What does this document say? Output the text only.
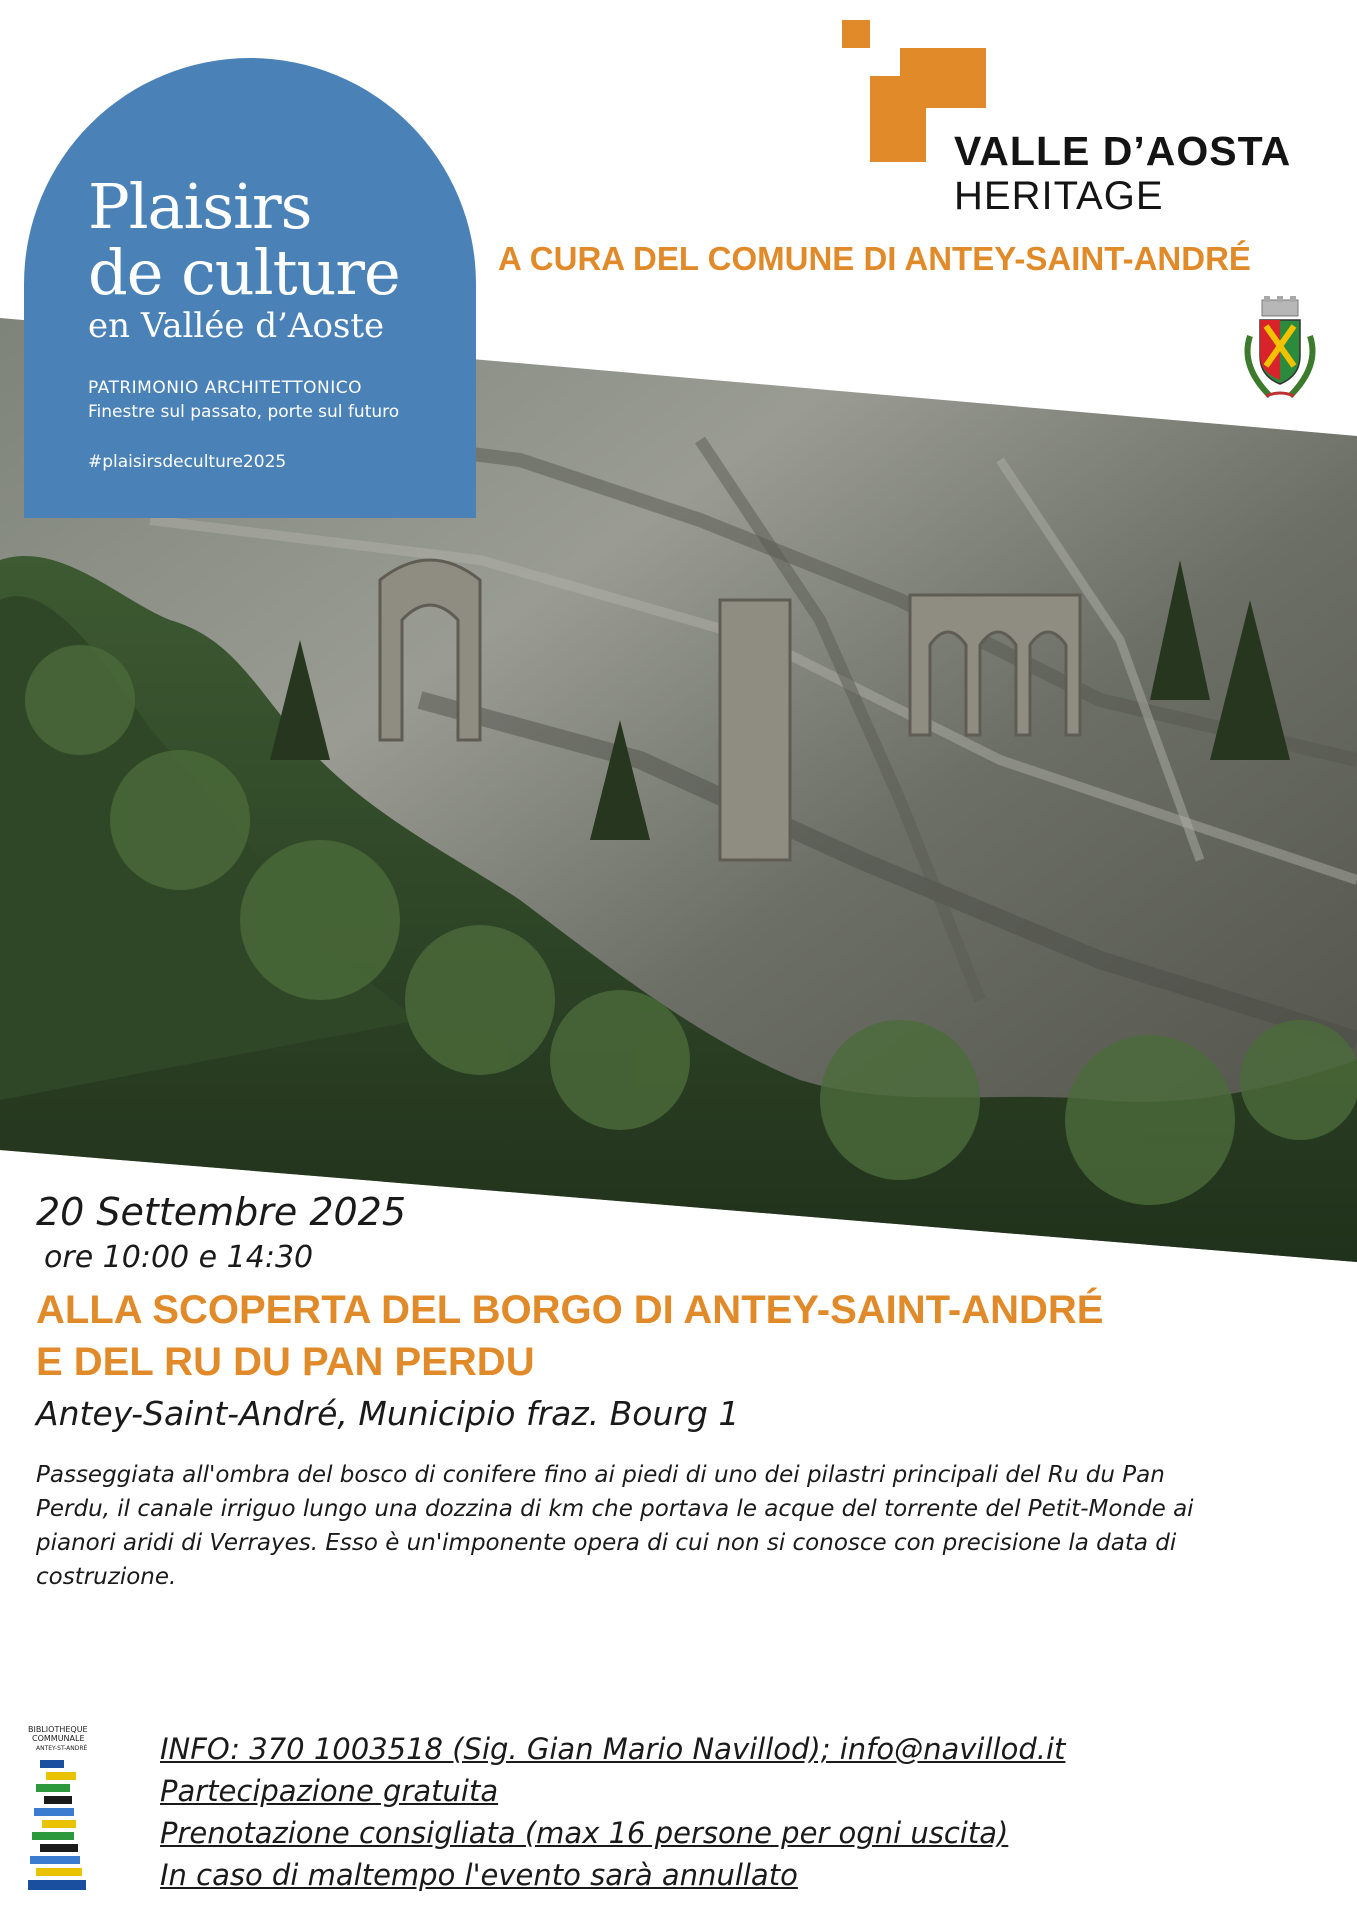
Plaisirs
de culture
en Vallée d’Aoste
PATRIMONIO ARCHITETTONICO
Finestre sul passato, porte sul futuro
#plaisirsdeculture2025
VALLE D’AOSTA
HERITAGE
A CURA DEL COMUNE DI ANTEY-SAINT-ANDRÉ
20 Settembre 2025
ore 10:00 e 14:30
ALLA SCOPERTA DEL BORGO DI ANTEY-SAINT-ANDRÉ
E DEL RU DU PAN PERDU
Antey-Saint-André, Municipio fraz. Bourg 1
Passeggiata all'ombra del bosco di conifere fino ai piedi di uno dei pilastri principali del Ru du Pan
Perdu, il canale irriguo lungo una dozzina di km che portava le acque del torrente del Petit-Monde ai
pianori aridi di Verrayes. Esso è un'imponente opera di cui non si conosce con precisione la data di
costruzione.
BIBLIOTHEQUE
COMMUNALE
ANTEY-ST-ANDRÉ	INFO: 370 1003518 (Sig. Gian Mario Navillod); info@navillod.it
Partecipazione gratuita
Prenotazione consigliata (max 16 persone per ogni uscita)
In caso di maltempo l'evento sarà annullato
